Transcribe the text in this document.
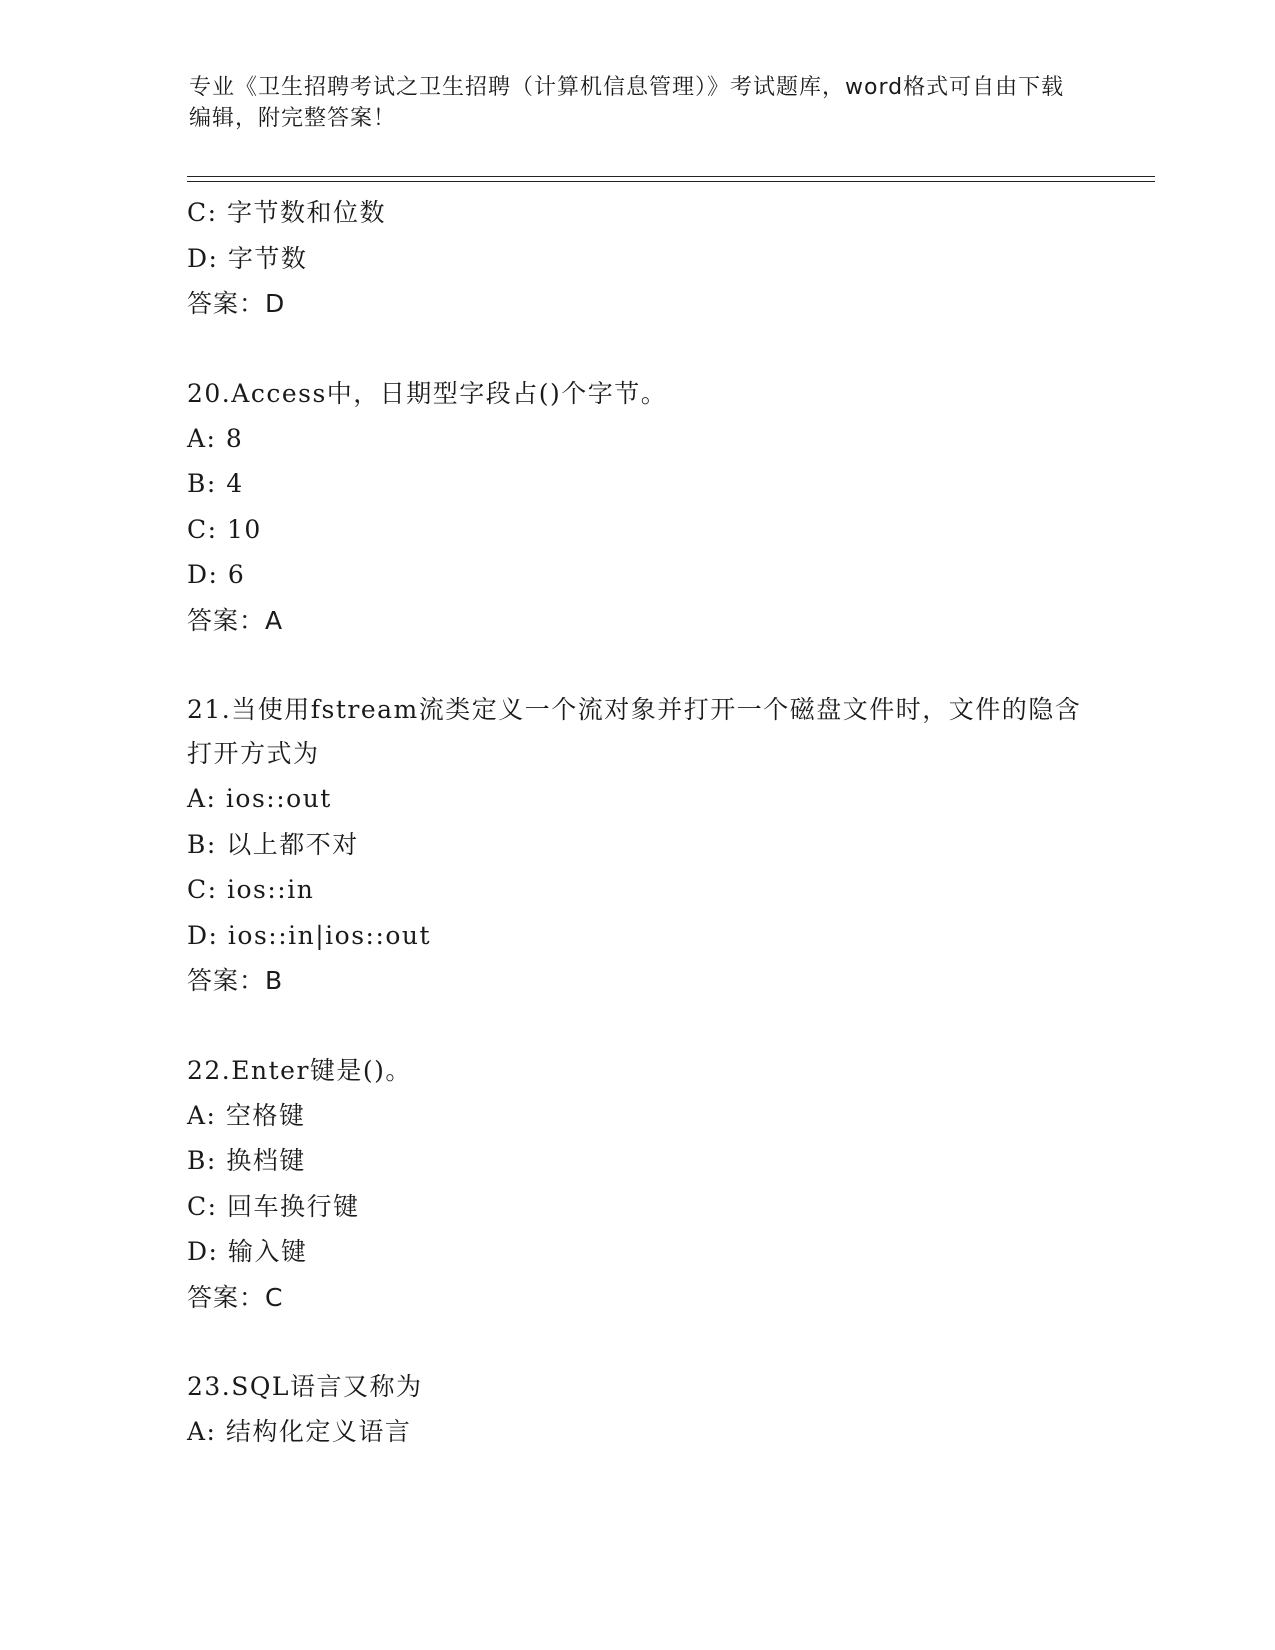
专业《卫生招聘考试之卫生招聘（计算机信息管理）》考试题库，word格式可自由下载编辑，附完整答案！
C: 字节数和位数
D: 字节数
答案：D
20.Access中，日期型字段占()个字节。
A: 8
B: 4
C: 10
D: 6
答案：A
21.当使用fstream流类定义一个流对象并打开一个磁盘文件时，文件的隐含打开方式为
A: ios::out
B: 以上都不对
C: ios::in
D: ios::in|ios::out
答案：B
22.Enter键是()。
A: 空格键
B: 换档键
C: 回车换行键
D: 输入键
答案：C
23.SQL语言又称为
A: 结构化定义语言
